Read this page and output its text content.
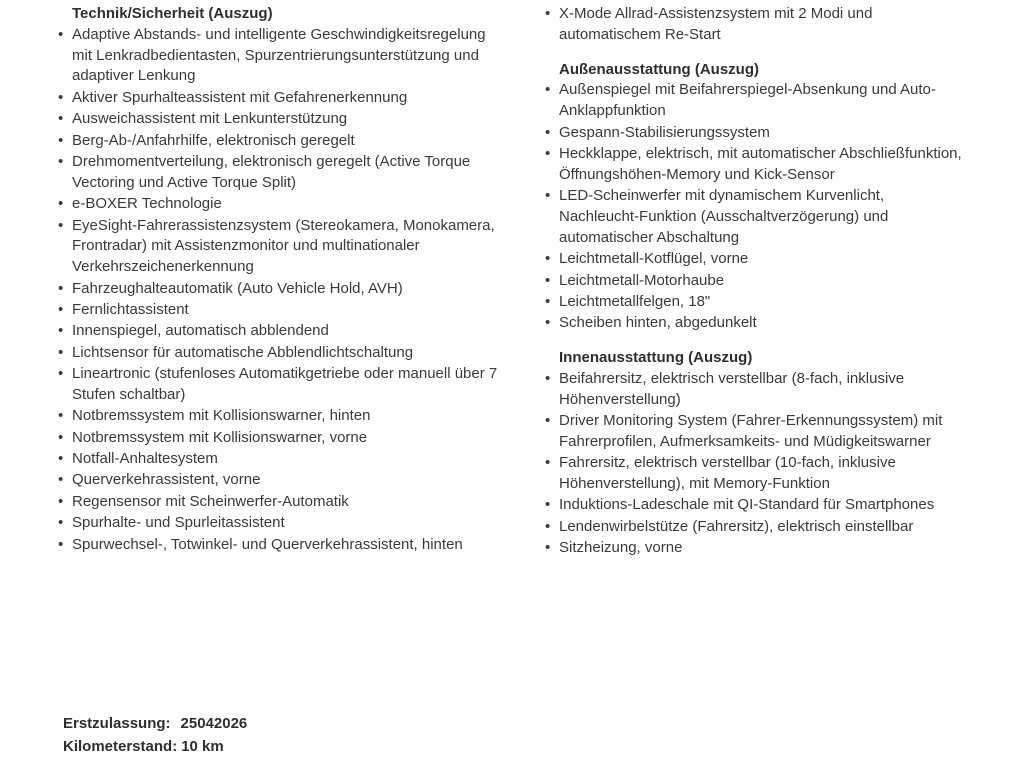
Technik/Sicherheit (Auszug)
• Adaptive Abstands- und intelligente Geschwindigkeitsregelung mit Lenkradbedientasten, Spurzentrierungsunterstützung und adaptiver Lenkung
• Aktiver Spurhalteassistent mit Gefahrenerkennung
• Ausweichassistent mit Lenkunterstützung
• Berg-Ab-/Anfahrhilfe, elektronisch geregelt
• Drehmomentverteilung, elektronisch geregelt (Active Torque Vectoring und Active Torque Split)
• e-BOXER Technologie
• EyeSight-Fahrerassistenzsystem (Stereokamera, Monokamera, Frontradar) mit Assistenzmonitor und multinationaler Verkehrszeichenerkennung
• Fahrzeughalteautomatik (Auto Vehicle Hold, AVH)
• Fernlichtassistent
• Innenspiegel, automatisch abblendend
• Lichtsensor für automatische Abblendlichtschaltung
• Lineartronic (stufenloses Automatikgetriebe oder manuell über 7 Stufen schaltbar)
• Notbremssystem mit Kollisionswarner, hinten
• Notbremssystem mit Kollisionswarner, vorne
• Notfall-Anhaltesystem
• Querverkehrassistent, vorne
• Regensensor mit Scheinwerfer-Automatik
• Spurhalte- und Spurleitassistent
• Spurwechsel-, Totwinkel- und Querverkehrassistent, hinten
• X-Mode Allrad-Assistenzsystem mit 2 Modi und automatischem Re-Start
Außenausstattung (Auszug)
• Außenspiegel mit Beifahrerspiegel-Absenkung und Auto-Anklappfunktion
• Gespann-Stabilisierungssystem
• Heckklappe, elektrisch, mit automatischer Abschließfunktion, Öffnungshöhen-Memory und Kick-Sensor
• LED-Scheinwerfer mit dynamischem Kurvenlicht, Nachleucht-Funktion (Ausschaltverzögerung) und automatischer Abschaltung
• Leichtmetall-Kotflügel, vorne
• Leichtmetall-Motorhaube
• Leichtmetallfelgen, 18"
• Scheiben hinten, abgedunkelt
Innenausstattung (Auszug)
• Beifahrersitz, elektrisch verstellbar (8-fach, inklusive Höhenverstellung)
• Driver Monitoring System (Fahrer-Erkennungssystem) mit Fahrerprofilen, Aufmerksamkeits- und Müdigkeitswarner
• Fahrersitz, elektrisch verstellbar (10-fach, inklusive Höhenverstellung), mit Memory-Funktion
• Induktions-Ladeschale mit QI-Standard für Smartphones
• Lendenwirbelstütze (Fahrersitz), elektrisch einstellbar
• Sitzheizung, vorne
Erstzulassung: 25042026
Kilometerstand: 10 km
